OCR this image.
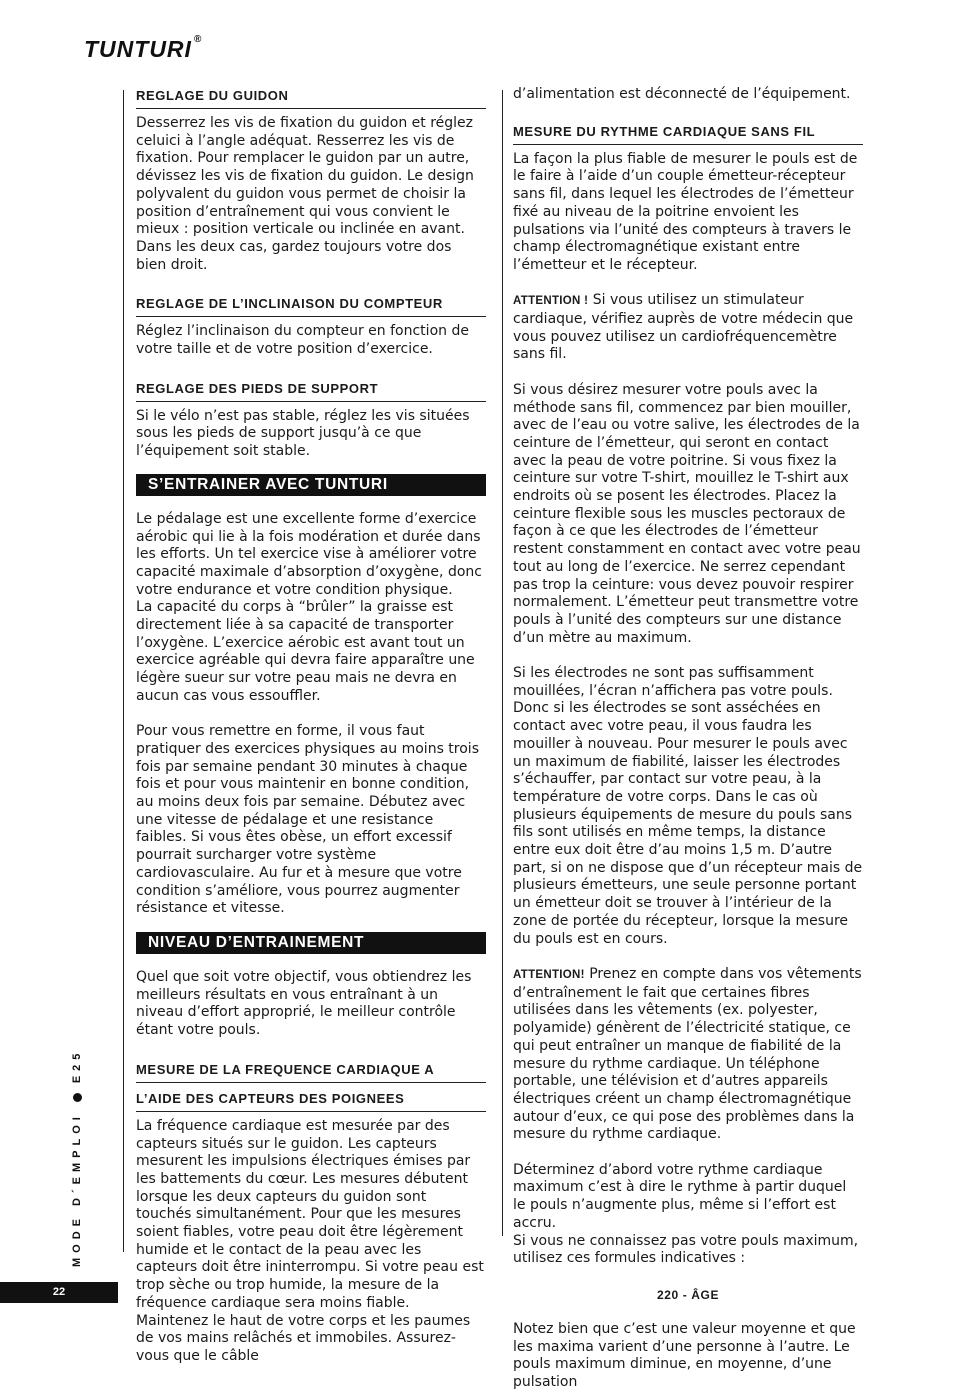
TUNTURI ®
REGLAGE DU GUIDON

Desserrez les vis de fixation du guidon et réglez celuici à l’angle adéquat. Resserrez les vis de fixation. Pour remplacer le guidon par un autre, dévissez les vis de fixation du guidon. Le design polyvalent du guidon vous permet de choisir la position d’entraînement qui vous convient le mieux : position verticale ou inclinée en avant. Dans les deux cas, gardez toujours votre dos bien droit.

REGLAGE DE L’INCLINAISON DU COMPTEUR

Réglez l’inclinaison du compteur en fonction de votre taille et de votre position d’exercice.

REGLAGE DES PIEDS DE SUPPORT

Si le vélo n’est pas stable, réglez les vis situées sous les pieds de support jusqu’à ce que l’équipement soit stable.

S’ENTRAINER AVEC TUNTURI

Le pédalage est une excellente forme d’exercice aérobic qui lie à la fois modération et durée dans les efforts. Un tel exercice vise à améliorer votre capacité maximale d’absorption d’oxygène, donc votre endurance et votre condition physique.

La capacité du corps à “brûler” la graisse est directement liée à sa capacité de transporter l’oxygène. L’exercice aérobic est avant tout un exercice agréable qui devra faire apparaître une légère sueur sur votre peau mais ne devra en aucun cas vous essouffler.

Pour vous remettre en forme, il vous faut pratiquer des exercices physiques au moins trois fois par semaine pendant 30 minutes à chaque fois et pour vous maintenir en bonne condition, au moins deux fois par semaine. Débutez avec une vitesse de pédalage et une resistance faibles. Si vous êtes obèse, un effort excessif pourrait surcharger votre système cardiovasculaire. Au fur et à mesure que votre condition s’améliore, vous pourrez augmenter résistance et vitesse.

NIVEAU D’ENTRAINEMENT

Quel que soit votre objectif, vous obtiendrez les meilleurs résultats en vous entraînant à un niveau d’effort approprié, le meilleur contrôle étant votre pouls.

MESURE DE LA FREQUENCE CARDIAQUE A
L’AIDE DES CAPTEURS DES POIGNEES

La fréquence cardiaque est mesurée par des capteurs situés sur le guidon. Les capteurs mesurent les impulsions électriques émises par les battements du cœur. Les mesures débutent lorsque les deux capteurs du guidon sont touchés simultanément. Pour que les mesures soient fiables, votre peau doit être légèrement humide et le contact de la peau avec les capteurs doit être ininterrompu. Si votre peau est trop sèche ou trop humide, la mesure de la fréquence cardiaque sera moins fiable. Maintenez le haut de votre corps et les paumes de vos mains relâchés et immobiles. Assurez-vous que le câble

d’alimentation est déconnecté de l’équipement.

MESURE DU RYTHME CARDIAQUE SANS FIL

La façon la plus fiable de mesurer le pouls est de le faire à l’aide d’un couple émetteur-récepteur sans fil, dans lequel les électrodes de l’émetteur fixé au niveau de la poitrine envoient les pulsations via l’unité des compteurs à travers le champ électromagnétique existant entre l’émetteur et le récepteur.

ATTENTION ! Si vous utilisez un stimulateur cardiaque, vérifiez auprès de votre médecin que vous pouvez utilisez un cardiofréquencemètre sans fil.

Si vous désirez mesurer votre pouls avec la méthode sans fil, commencez par bien mouiller, avec de l’eau ou votre salive, les électrodes de la ceinture de l’émetteur, qui seront en contact avec la peau de votre poitrine. Si vous fixez la ceinture sur votre T-shirt, mouillez le T-shirt aux endroits où se posent les électrodes. Placez la ceinture flexible sous les muscles pectoraux de façon à ce que les électrodes de l’émetteur restent constamment en contact avec votre peau tout au long de l’exercice. Ne serrez cependant pas trop la ceinture: vous devez pouvoir respirer normalement. L’émetteur peut transmettre votre pouls à l’unité des compteurs sur une distance d’un mètre au maximum.

Si les électrodes ne sont pas suffisamment mouillées, l’écran n’affichera pas votre pouls. Donc si les électrodes se sont asséchées en contact avec votre peau, il vous faudra les mouiller à nouveau. Pour mesurer le pouls avec un maximum de fiabilité, laisser les électrodes s’échauffer, par contact sur votre peau, à la température de votre corps. Dans le cas où plusieurs équipements de mesure du pouls sans fils sont utilisés en même temps, la distance entre eux doit être d’au moins 1,5 m. D’autre part, si on ne dispose que d’un récepteur mais de plusieurs émetteurs, une seule personne portant un émetteur doit se trouver à l’intérieur de la zone de portée du récepteur, lorsque la mesure du pouls est en cours.

ATTENTION! Prenez en compte dans vos vêtements d’entraînement le fait que certaines fibres utilisées dans les vêtements (ex. polyester, polyamide) génèrent de l’électricité statique, ce qui peut entraîner un manque de fiabilité de la mesure du rythme cardiaque. Un téléphone portable, une télévision et d’autres appareils électriques créent un champ électromagnétique autour d’eux, ce qui pose des problèmes dans la mesure du rythme cardiaque.

Déterminez d’abord votre rythme cardiaque maximum c’est à dire le rythme à partir duquel le pouls n’augmente plus, même si l’effort est accru.

Si vous ne connaissez pas votre pouls maximum, utilisez ces formules indicatives :

220 - ÂGE

Notez bien que c’est une valeur moyenne et que les maxima varient d’une personne à l’autre. Le pouls maximum diminue, en moyenne, d’une pulsation

MODE D´EMPLOIE25
22
